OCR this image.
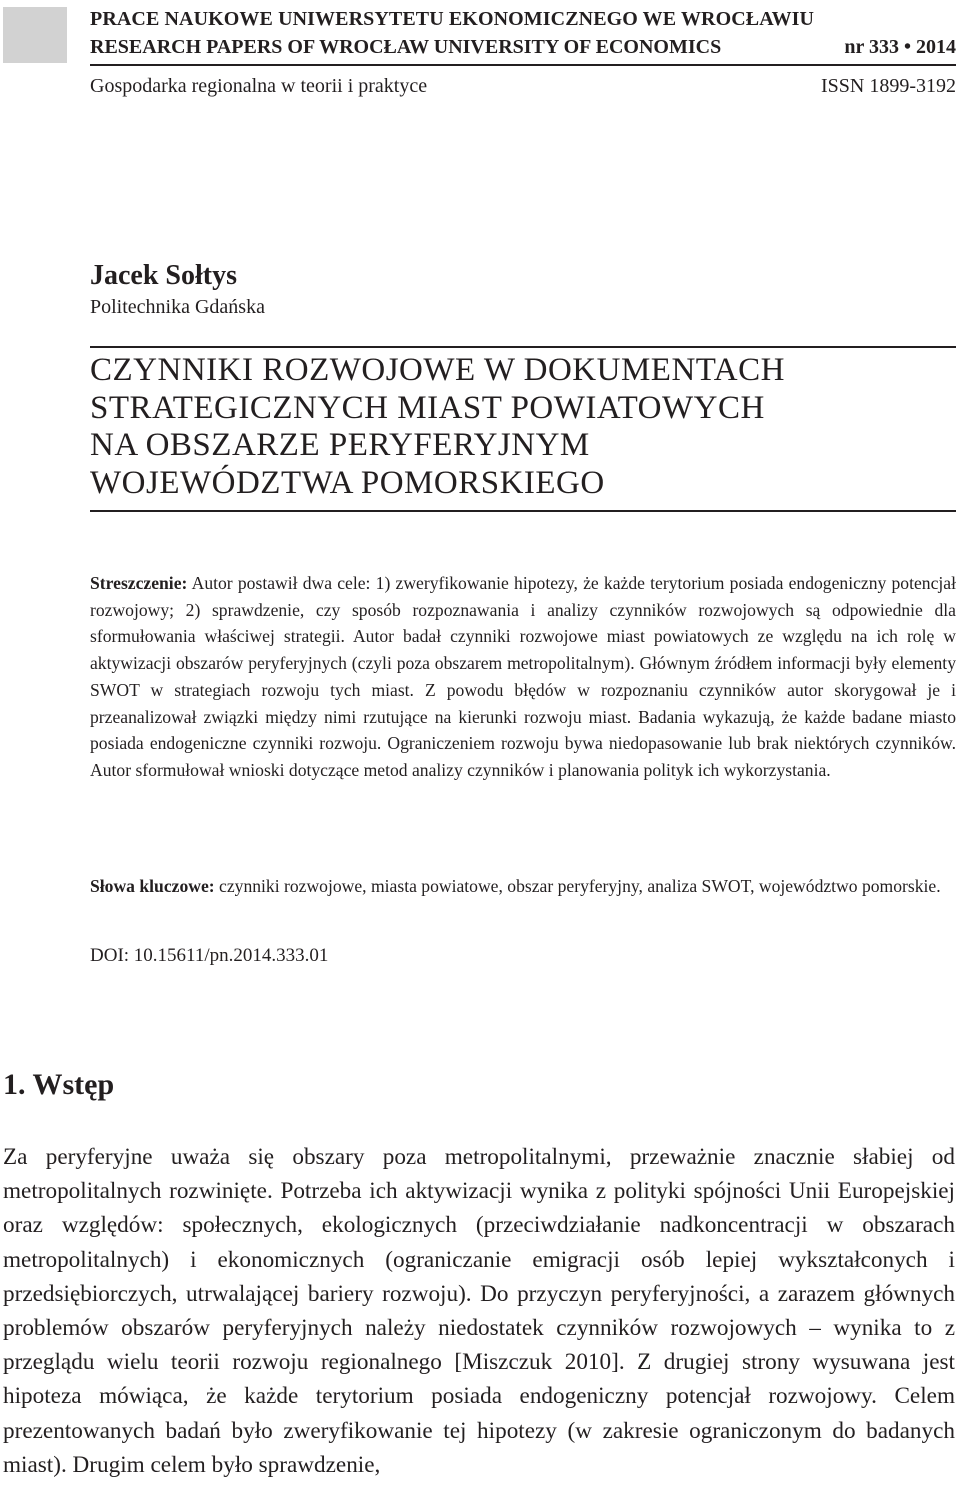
PRACE NAUKOWE UNIWERSYTETU EKONOMICZNEGO WE WROCŁAWIU
RESEARCH PAPERS OF WROCŁAW UNIVERSITY OF ECONOMICS	nr 333 • 2014
Gospodarka regionalna w teorii i praktyce	ISSN 1899-3192
Jacek Sołtys
Politechnika Gdańska
CZYNNIKI ROZWOJOWE W DOKUMENTACH
STRATEGICZNYCH MIAST POWIATOWYCH
NA OBSZARZE PERYFERYJNYM
WOJEWÓDZTWA POMORSKIEGO

Streszczenie: Autor postawił dwa cele: 1) zweryfikowanie hipotezy, że każde terytorium posiada endogeniczny potencjał rozwojowy; 2) sprawdzenie, czy sposób rozpoznawania i analizy czynników rozwojowych są odpowiednie dla sformułowania właściwej strategii. Autor badał czynniki rozwojowe miast powiatowych ze względu na ich rolę w aktywizacji obszarów peryferyjnych (czyli poza obszarem metropolitalnym). Głównym źródłem informacji były elementy SWOT w strategiach rozwoju tych miast. Z powodu błędów w rozpoznaniu czynników autor skorygował je i przeanalizował związki między nimi rzutujące na kierunki rozwoju miast. Badania wykazują, że każde badane miasto posiada endogeniczne czynniki rozwoju. Ograniczeniem rozwoju bywa niedopasowanie lub brak niektórych czynników. Autor sformułował wnioski dotyczące metod analizy czynników i planowania polityk ich wykorzystania.

Słowa kluczowe: czynniki rozwojowe, miasta powiatowe, obszar peryferyjny, analiza SWOT, województwo pomorskie.

DOI: 10.15611/pn.2014.333.01
1. Wstęp

Za peryferyjne uważa się obszary poza metropolitalnymi, przeważnie znacznie słabiej od metropolitalnych rozwinięte. Potrzeba ich aktywizacji wynika z polityki spójności Unii Europejskiej oraz względów: społecznych, ekologicznych (przeciwdziałanie nadkoncentracji w obszarach metropolitalnych) i ekonomicznych (ograniczanie emigracji osób lepiej wykształconych i przedsiębiorczych, utrwalającej bariery rozwoju). Do przyczyn peryferyjności, a zarazem głównych problemów obszarów peryferyjnych należy niedostatek czynników rozwojowych – wynika to z przeglądu wielu teorii rozwoju regionalnego [Miszczuk 2010]. Z drugiej strony wysuwana jest hipoteza mówiąca, że każde terytorium posiada endogeniczny potencjał rozwojowy. Celem prezentowanych badań było zweryfikowanie tej hipotezy (w zakresie ograniczonym do badanych miast). Drugim celem było sprawdzenie,
